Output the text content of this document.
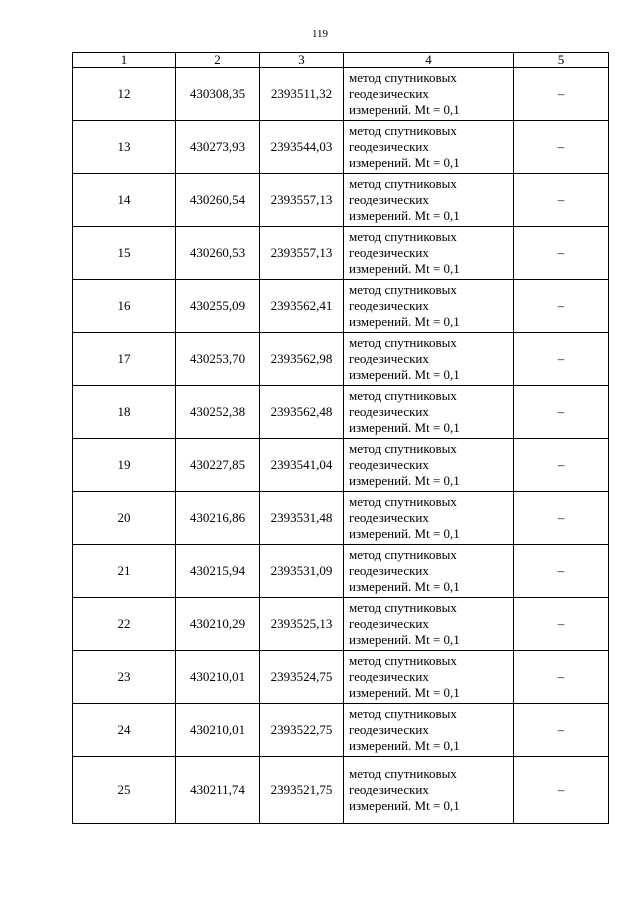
119
1	2	3	4	5
12	430308,35	2393511,32	метод спутниковых
геодезических
измерений. Mt = 0,1	–
13	430273,93	2393544,03	метод спутниковых
геодезических
измерений. Mt = 0,1	–
14	430260,54	2393557,13	метод спутниковых
геодезических
измерений. Mt = 0,1	–
15	430260,53	2393557,13	метод спутниковых
геодезических
измерений. Mt = 0,1	–
16	430255,09	2393562,41	метод спутниковых
геодезических
измерений. Mt = 0,1	–
17	430253,70	2393562,98	метод спутниковых
геодезических
измерений. Mt = 0,1	–
18	430252,38	2393562,48	метод спутниковых
геодезических
измерений. Mt = 0,1	–
19	430227,85	2393541,04	метод спутниковых
геодезических
измерений. Mt = 0,1	–
20	430216,86	2393531,48	метод спутниковых
геодезических
измерений. Mt = 0,1	–
21	430215,94	2393531,09	метод спутниковых
геодезических
измерений. Mt = 0,1	–
22	430210,29	2393525,13	метод спутниковых
геодезических
измерений. Mt = 0,1	–
23	430210,01	2393524,75	метод спутниковых
геодезических
измерений. Mt = 0,1	–
24	430210,01	2393522,75	метод спутниковых
геодезических
измерений. Mt = 0,1	–
25	430211,74	2393521,75	метод спутниковых
геодезических
измерений. Mt = 0,1	–
